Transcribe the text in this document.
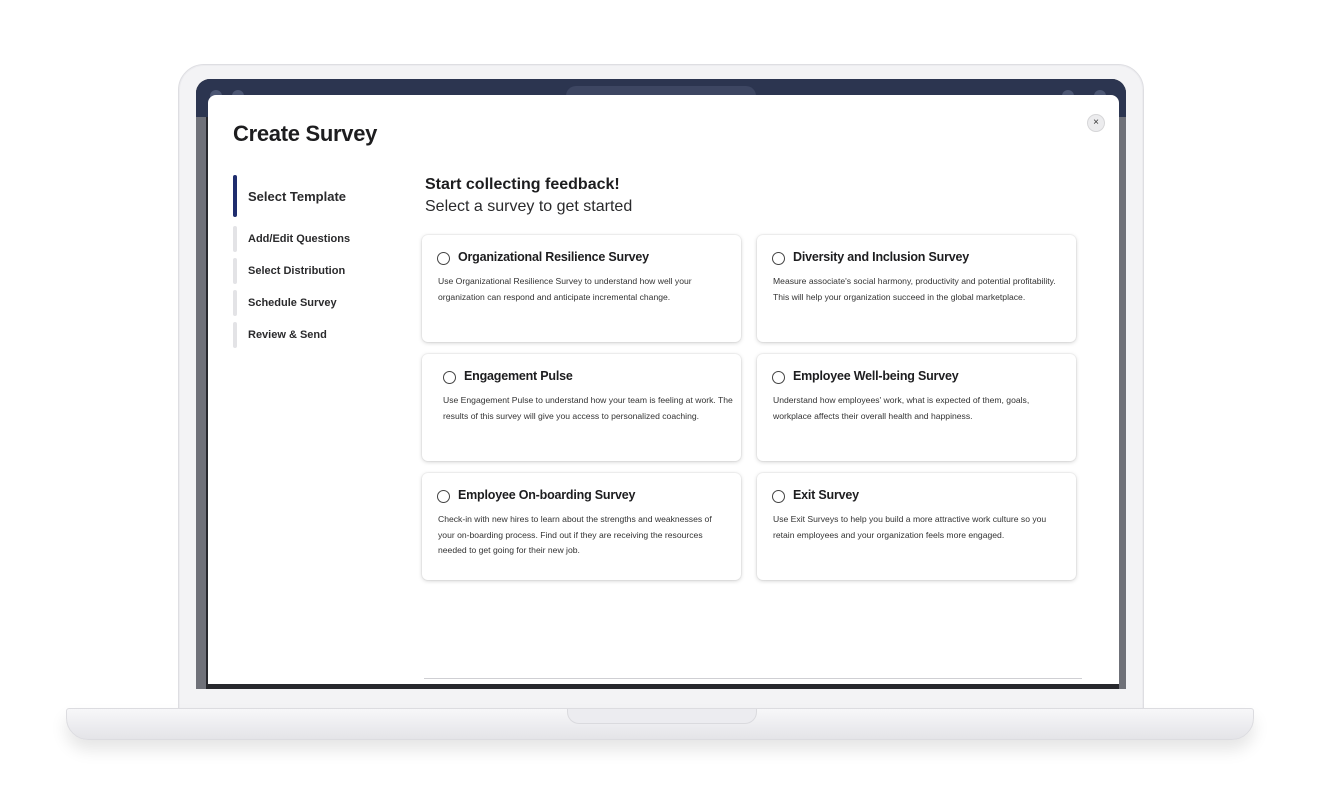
Create Survey	×
Select Template
Add/Edit Questions
Select Distribution
Schedule Survey
Review & Send
Start collecting feedback!

Select a survey to get started

Organizational Resilience Survey
Use Organizational Resilience Survey to understand how well your organization can respond and anticipate incremental change.
Diversity and Inclusion Survey
Measure associate's social harmony, productivity and potential profitability. This will help your organization succeed in the global marketplace.
Engagement Pulse
Use Engagement Pulse to understand how your team is feeling at work. The results of this survey will give you access to personalized coaching.
Employee Well-being Survey
Understand how employees' work, what is expected of them, goals, workplace affects their overall health and happiness.
Employee On-boarding Survey
Check-in with new hires to learn about the strengths and weaknesses of your on-boarding process. Find out if they are receiving the resources needed to get going for their new job.
Exit Survey
Use Exit Surveys to help you build a more attractive work culture so you retain employees and your organization feels more engaged.
